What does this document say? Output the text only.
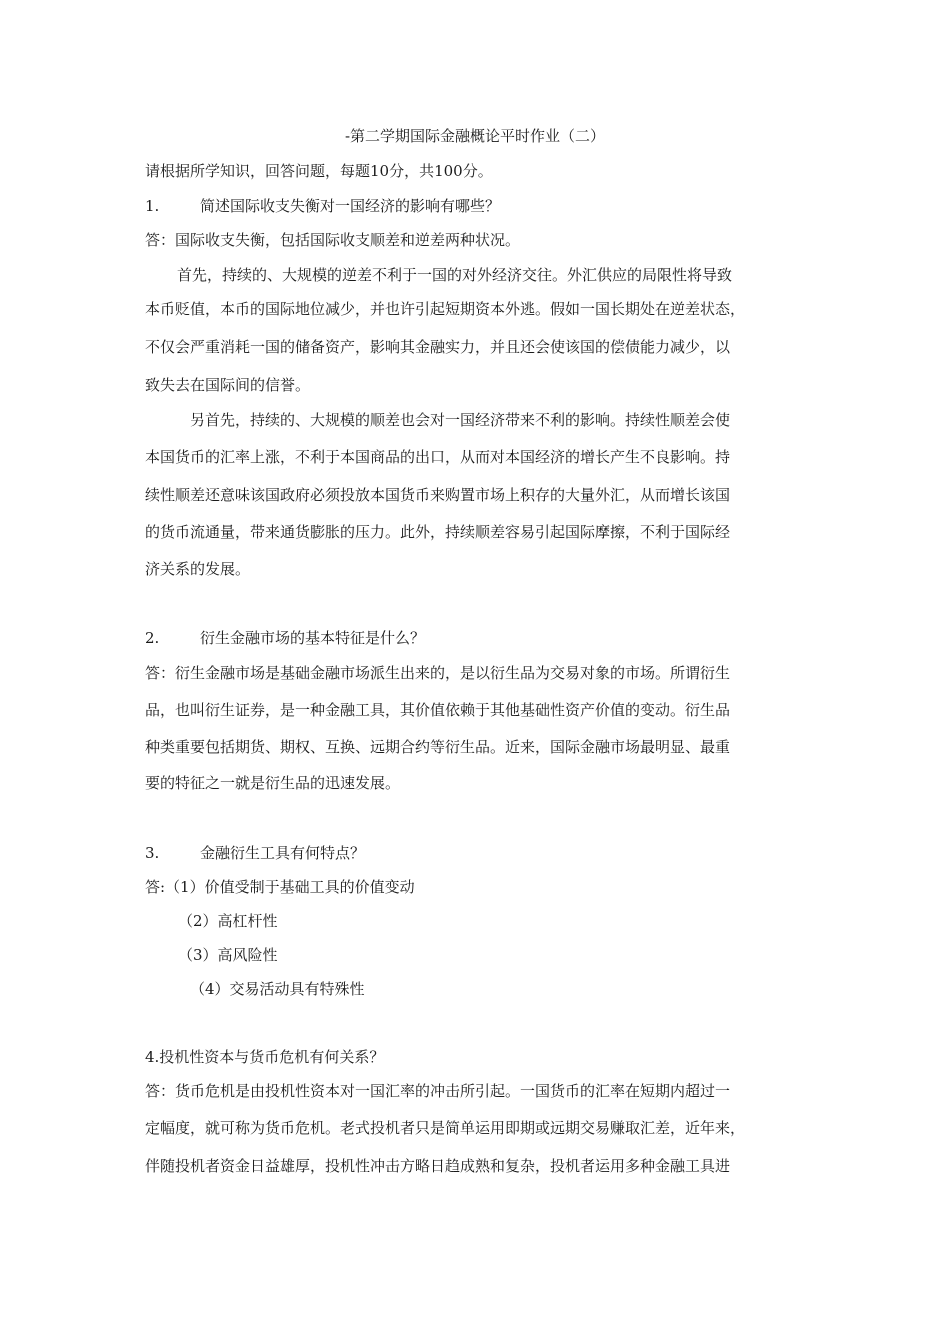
-第二学期国际金融概论平时作业（二）
请根据所学知识，回答问题，每题10分，共100分。
1.	简述国际收支失衡对一国经济的影响有哪些？
答：国际收支失衡，包括国际收支顺差和逆差两种状况。
首先，持续的、大规模的逆差不利于一国的对外经济交往。外汇供应的局限性将导致
本币贬值，本币的国际地位减少，并也许引起短期资本外逃。假如一国长期处在逆差状态，
不仅会严重消耗一国的储备资产，影响其金融实力，并且还会使该国的偿债能力减少，以
致失去在国际间的信誉。
另首先，持续的、大规模的顺差也会对一国经济带来不利的影响。持续性顺差会使
本国货币的汇率上涨，不利于本国商品的出口，从而对本国经济的增长产生不良影响。持
续性顺差还意味该国政府必须投放本国货币来购置市场上积存的大量外汇，从而增长该国
的货币流通量，带来通货膨胀的压力。此外，持续顺差容易引起国际摩擦，不利于国际经
济关系的发展。
2.	衍生金融市场的基本特征是什么？
答：衍生金融市场是基础金融市场派生出来的，是以衍生品为交易对象的市场。所谓衍生
品，也叫衍生证券，是一种金融工具，其价值依赖于其他基础性资产价值的变动。衍生品
种类重要包括期货、期权、互换、远期合约等衍生品。近来，国际金融市场最明显、最重
要的特征之一就是衍生品的迅速发展。
3.	金融衍生工具有何特点？
答:（1）价值受制于基础工具的价值变动
（2）高杠杆性
（3）高风险性
（4）交易活动具有特殊性
4.投机性资本与货币危机有何关系？
答：货币危机是由投机性资本对一国汇率的冲击所引起。一国货币的汇率在短期内超过一
定幅度，就可称为货币危机。老式投机者只是简单运用即期或远期交易赚取汇差，近年来，
伴随投机者资金日益雄厚，投机性冲击方略日趋成熟和复杂，投机者运用多种金融工具进
